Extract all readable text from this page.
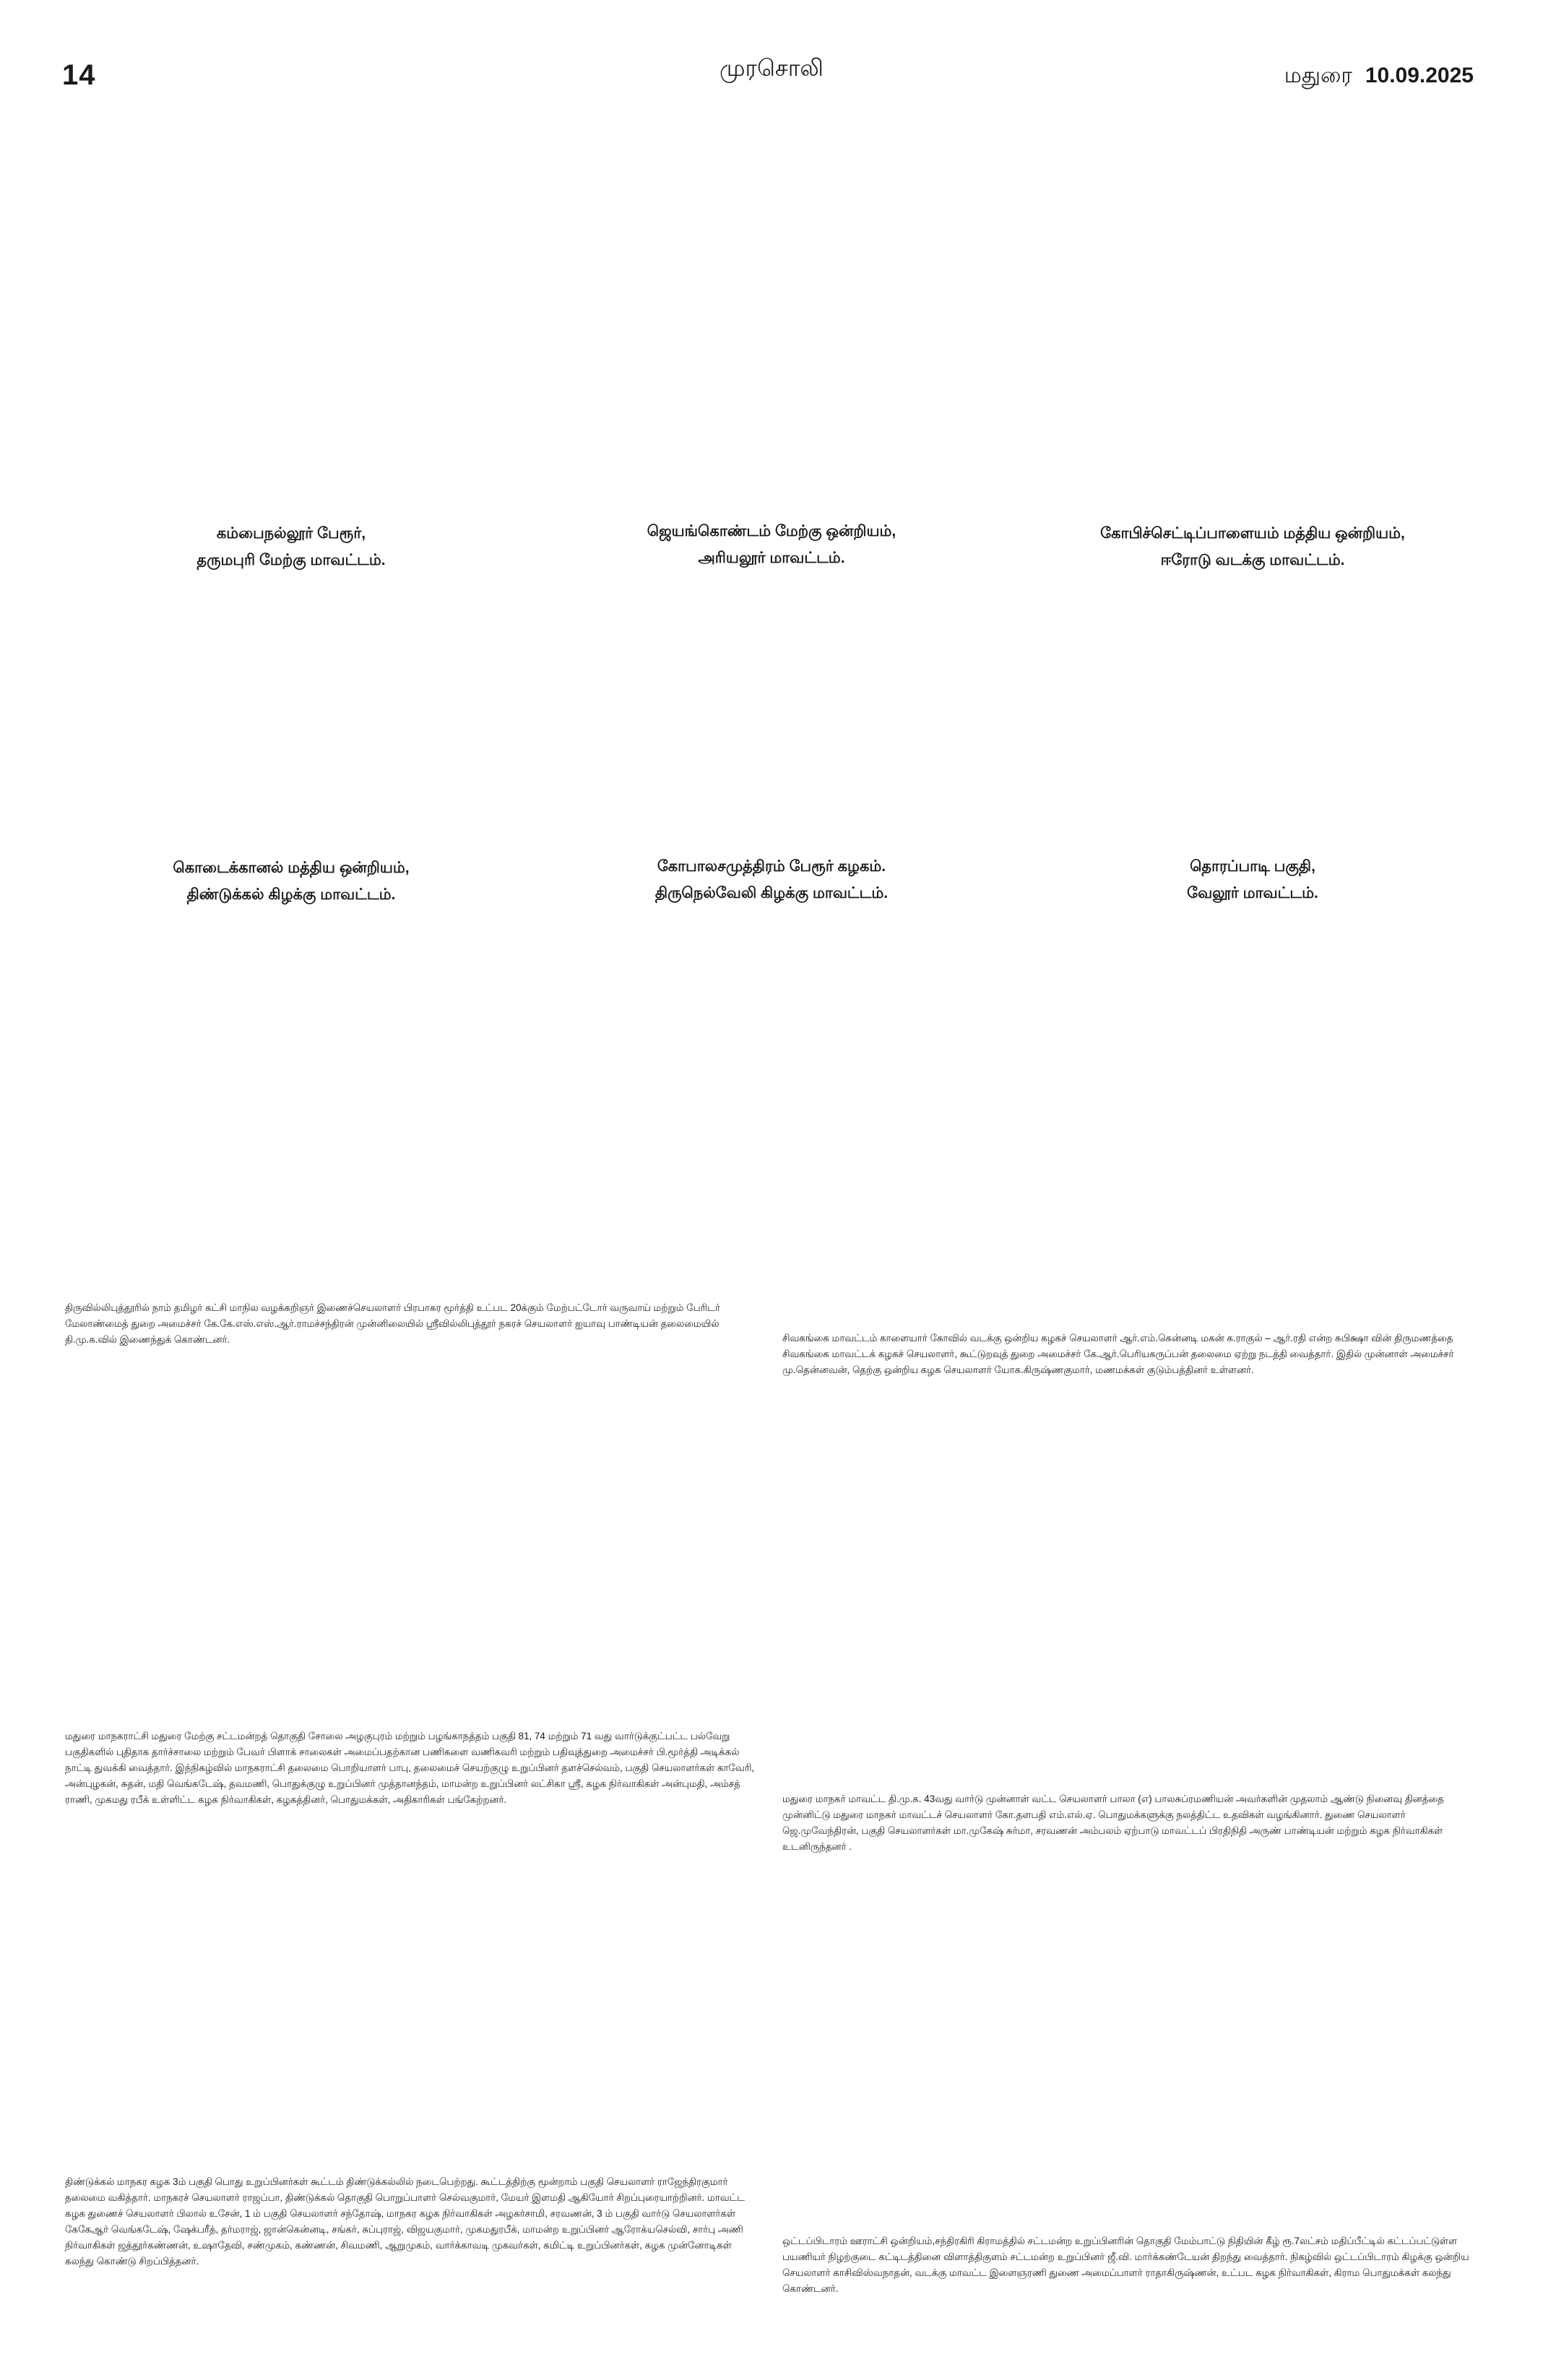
14	முரசொலி	மதுரை 10.09.2025
கம்பைநல்லூர் பேரூர்,
தருமபுரி மேற்கு மாவட்டம்.
ஜெயங்கொண்டம் மேற்கு ஒன்றியம்,
அரியலூர் மாவட்டம்.
கோபிச்செட்டிப்பாளையம் மத்திய ஒன்றியம்,
ஈரோடு வடக்கு மாவட்டம்.
கொடைக்கானல் மத்திய ஒன்றியம்,
திண்டுக்கல் கிழக்கு மாவட்டம்.
கோபாலசமுத்திரம் பேரூர் கழகம்.
திருநெல்வேலி கிழக்கு மாவட்டம்.
தொரப்பாடி பகுதி,
வேலூர் மாவட்டம்.

திருவில்லிபுத்தூரில் நாம் தமிழர் கட்சி மாநில வழக்கறிஞர் இணைச்செயலாளர் பிரபாகர மூர்த்தி உட்பட 20க்கும் மேற்பட்டோர் வருவாய் மற்றும் பேரிடர் மேலாண்மைத் துறை அமைச்சர் கே.கே.எஸ்.எஸ்.ஆர்.ராமச்சந்திரன் முன்னிலையில் ஸ்ரீவில்லிபுத்தூர் நகரச் செயலாளர் ஐயாவு பாண்டியன் தலைமையில் தி.மு.க.வில் இணைந்துக் கொண்டனர்.	சிவகங்கை மாவட்டம் காளையார் கோவில் வடக்கு ஒன்றிய கழகச் செயலாளர் ஆர்.எம்.கென்னடி மகன் க.ராகுல் – ஆர்.ரதி என்ற சுபிக்ஷா வின் திருமணத்தை சிவகங்கை மாவட்டக் கழகச் செயலாளர், கூட்டுறவுத் துறை அமைச்சர் கே.ஆர்.பெரியகருப்பன் தலைமை ஏற்று நடத்தி வைத்தார். இதில் முன்னாள் அமைச்சர் மு.தென்னவன், தெற்கு ஒன்றிய கழக செயலாளர் யோக.கிருஷ்ணகுமார், மணமக்கள் குடும்பத்தினர் உள்ளனர்.

மதுரை மாநகராட்சி மதுரை மேற்கு சட்டமன்றத் தொகுதி சோலை அழகுபுரம் மற்றும் பழங்காநத்தம் பகுதி 81, 74 மற்றும் 71 வது வார்டுக்குட்பட்ட பல்வேறு பகுதிகளில் புதிதாக தார்ச்சாலை மற்றும் பேவர் பிளாக் சாலைகள் அமைப்பதற்கான பணிகளை வணிகவரி மற்றும் பதிவுத்துறை அமைச்சர் பி.மூர்த்தி அடிக்கல் நாட்டி துவக்கி வைத்தார். இந்நிகழ்வில் மாநகராட்சி தலைமை பொறியாளர் பாபு, தலைமைச் செயற்குழு உறுப்பினர் தளச்செல்வம், பகுதி செயலாளர்கள் காவேரி, அன்புழகன், சுதன், மதி வெங்கடேஷ், தவமணி, பொதுக்குழு உறுப்பினர் முத்தானந்தம், மாமன்ற உறுப்பினர் லட்சிகா ஸ்ரீ, கழக நிர்வாகிகள் அன்புமதி, அம்சத் ராணி, முகமது ரபீக் உள்ளிட்ட கழக நிர்வாகிகள், கழகத்தினர், பொதுமக்கள், அதிகாரிகள் பங்கேற்றனர்.	மதுரை மாநகர் மாவட்ட தி.மு.க. 43வது வார்டு முன்னாள் வட்ட செயலாளர் பாலா (எ) பாலசுப்ரமணியன் அவர்களின் முதலாம் ஆண்டு நினைவு தினத்தை முன்னிட்டு மதுரை மாநகர் மாவட்டச் செயலாளர் கோ.தளபதி எம்.எல்.ஏ. பொதுமக்களுக்கு நலத்திட்ட உதவிகள் வழங்கினார். துணை செயலாளர் ஜெ.முவேந்திரன், பகுதி செயலாளர்கள் மா.முகேஷ் சுர்மா, சரவணன் அம்பலம் ஏற்பாடு மாவட்டப் பிரதிநிதி அருண் பாண்டியன் மற்றும் கழக நிர்வாகிகள் உடனிருந்தனர் .

திண்டுக்கல் மாநகர கழக 3ம் பகுதி பொது உறுப்பினர்கள் கூட்டம் திண்டுக்கல்லில் நடைபெற்றது. கூட்டத்திற்கு மூன்றாம் பகுதி செயலாளர் ராஜேந்திரகுமார் தலைமை வகித்தார். மாநகரச் செயலாளர் ராஜப்பா, திண்டுக்கல் தொகுதி பொறுப்பாளர் செல்வகுமார், மேயர் இளமதி ஆகியோர் சிறப்புரையாற்றினர். மாவட்ட கழக துணைச் செயலாளர் பிலால் உசேன், 1 ம் பகுதி செயலாளர் சந்தோஷ், மாநகர கழக நிர்வாகிகள் அழகர்சாமி, சரவணன், 3 ம் பகுதி வார்டு செயலாளர்கள் கேகேஆர் வெங்கடேஷ், ஷேக்பரீத், தர்மராஜ், ஜான்கென்னடி, சங்கர், சுப்புராஜ், விஜயகுமார், முகமதுரபீக், மாமன்ற உறுப்பினர் ஆரோக்யசெல்வி, சார்பு அணி நிர்வாகிகள் ஜத்தூர்கண்ணன், உஷாதேவி, சண்முகம், கண்ணன், சிவமணி, ஆறுமுகம், வார்க்காவடி முகவர்கள், கமிட்டி உறுப்பினர்கள், கழக முன்னோடிகள் கலந்து கொண்டு சிறப்பித்தனர்.

ஒட்டப்பிடாரம் ஊராட்சி ஒன்றியம்,சந்திரகிரி கிராமத்தில் சட்டமன்ற உறுப்பினரின் தொகுதி மேம்பாட்டு நிதியின் கீழ் ரூ.7லட்சம் மதிப்பீட்டில் கட்டப்பட்டுள்ள பயணியர் நிழற்குடை கட்டிடத்தினை விளாத்திகுளம் சட்டமன்ற உறுப்பினர் ஜீ.வி. மார்க்கண்டேயன் திறந்து வைத்தார். நிகழ்வில் ஒட்டப்பிடாரம் கிழக்கு ஒன்றிய செயலாளர் காசிவிஸ்வநாதன், வடக்கு மாவட்ட இளைஞரணி துணை அமைப்பாளர் ராதாகிருஷ்ணன், உட்பட கழக நிர்வாகிகள், கிராம பொதுமக்கள் கலந்து கொண்டனர்.
